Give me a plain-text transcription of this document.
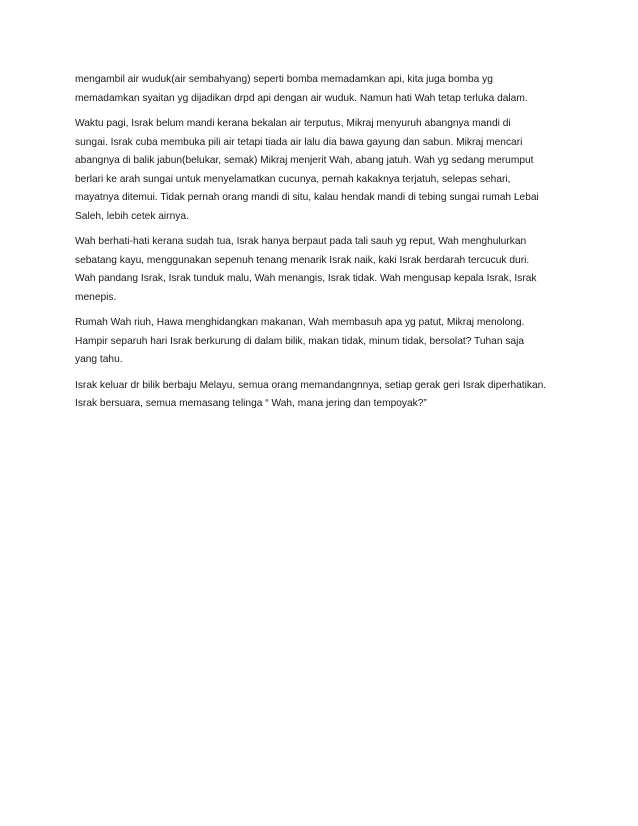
mengambil air wuduk(air sembahyang) seperti bomba memadamkan api, kita juga bomba yg
memadamkan syaitan yg dijadikan drpd api dengan air wuduk. Namun hati Wah tetap terluka dalam.

Waktu pagi, Israk belum mandi kerana bekalan air terputus, Mikraj menyuruh abangnya mandi di
sungai. Israk cuba membuka pili air tetapi tiada air lalu dia bawa gayung dan sabun. Mikraj mencari
abangnya di balik jabun(belukar, semak) Mikraj menjerit Wah, abang jatuh. Wah yg sedang merumput
berlari ke arah sungai untuk menyelamatkan cucunya, pernah kakaknya terjatuh, selepas sehari,
mayatnya ditemui. Tidak pernah orang mandi di situ, kalau hendak mandi di tebing sungai rumah Lebai
Saleh, lebih cetek airnya.

Wah berhati-hati kerana sudah tua, Israk hanya berpaut pada tali sauh yg reput, Wah menghulurkan
sebatang kayu, menggunakan sepenuh tenang menarik Israk naik, kaki Israk berdarah tercucuk duri.
Wah pandang Israk, Israk tunduk malu, Wah menangis, Israk tidak. Wah mengusap kepala Israk, Israk
menepis.

Rumah Wah riuh, Hawa menghidangkan makanan, Wah membasuh apa yg patut, Mikraj menolong.
Hampir separuh hari Israk berkurung di dalam bilik, makan tidak, minum tidak, bersolat? Tuhan saja
yang tahu.

Israk keluar dr bilik berbaju Melayu, semua orang memandangnnya, setiap gerak geri Israk diperhatikan.
Israk bersuara, semua memasang telinga “ Wah, mana jering dan tempoyak?”
